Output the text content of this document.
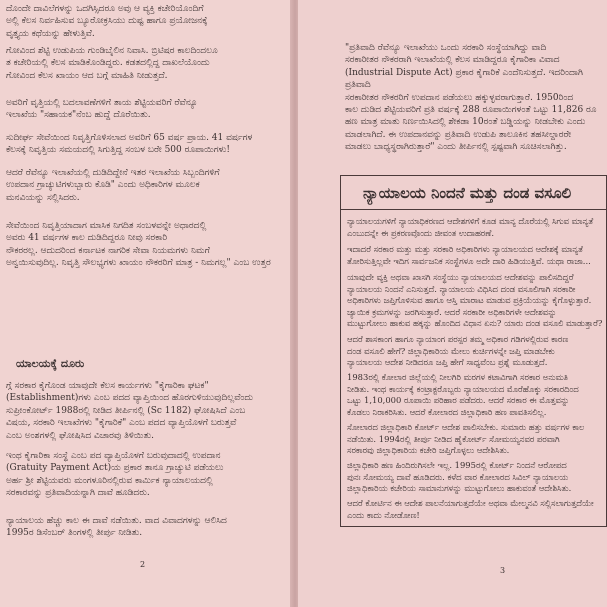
ದೊಂದೇ ದಾವಿಲೆಗಳನ್ನು ಒದಗಿಸ್ಸಿದರೂ ಅವು ಆ ವ್ಯಕ್ತಿ ಕಚೇರಿಯೊಂದಿಗೆ
ಅಲ್ಲಿ ಕೆಲಸ ನಿರ್ವಹಿಸುವ ಬ್ಯೂರೋಕ್ರಸಿಯು ದುಷ್ಟ ಹಾಗೂ ಪ್ರಯೋಜನಕ್ಕೆ
ವೃತ್ತ್ಯಯ ಕಥೆಯನ್ನು ಹೇಳುತ್ತಿವೆ.

ಗೋವಿಂದ ಶೆಟ್ಟಿ ಉಡುಪಿಯ ಗುಂಡಿಬೈಲಿನ ನಿವಾಸಿ. ಬ್ರಿಟಿಷರ ಕಾಲದಿಂದಲೂ
ತ ಕಚೇರಿಯಲ್ಲಿ ಕೆಲಸ ಮಾಡಿಕೊಂಡಿದ್ದರು. ಕಡತದಲ್ಲಿದ್ದ ದಾಖಲೆಯೊಂದು
ಗೋವಿಂದ ಕೆಲಸ ಖಾಯಂ ಆದ ಬಗ್ಗೆ ಮಾಹಿತಿ ನೀಡುತ್ತದೆ.

ಅವರಿಗೆ ವೃತ್ತಿಯಲ್ಲಿ ಬದಲಾವಣೆಗಳಿಗೆ ತಾಯ ಶೆಟ್ಟಿಯವರಿಗೆ ರೆವೆನ್ಯೂ
ಇಲಾಖೆಯ "ಸಹಾಯಕ"ನೆಂಬ ಹುದ್ದೆ ದೊರೆಯಿತು.

ಸುದೀರ್ಘ ಸೇವೆಯಿಂದ ನಿವೃತ್ತಿಗೊಳಿಸಲಾದ ಅವರಿಗೆ 65 ವರ್ಷ ಪ್ರಾಯ. 41 ವರ್ಷಗಳ
ಕೆಲಸಕ್ಕೆ ನಿವೃತ್ತಿಯ ಸಮಯದಲ್ಲಿ ಸಿಗುತ್ತಿದ್ದ ಸಂಬಳ ಬರೇ 500 ರೂಪಾಯಿಗಳು!

ಆದರೆ ರೆವೆನ್ಯೂ ಇಲಾಖೆಯಲ್ಲಿ ದುಡಿದಿದ್ದೇನೆ ಇತರ ಇಲಾಖೆಯ ಸಿಬ್ಬಂದಿಗಳಿಗೆ
ಉಪದಾನ ಗ್ರಾಚ್ಯುಟಿಗಳುಬ್ಬಾರು ಕೊಡಿ" ಎಂದು ಅಧಿಕಾರಿಗಳ ಮೂಲಕ
ಮನವಿಯನ್ನು ಸಲ್ಲಿಸಿದರು.

ಸೇವೆಯಿಂದ ನಿವೃತ್ತಿಯಾದಾಗ ಮಾಸಿಕ ನಿಗದಿತ ಸಂಬಳವನ್ನೇ ಅಧಾರದಲ್ಲಿ
ಅವರು 41 ವರ್ಷಗಳ ಕಾಲ ದುಡಿದಿದ್ದರೂ ನೀವು ಸರಕಾರಿ
ನೌಕರರಲ್ಲ. ಆದುದರಿಂದ ಕರ್ನಾಟಕ ನಾಗರಿಕ ಸೇವಾ ನಿಯಮಗಳು ನಿಮಗೆ
ಅನ್ವಯಿಸುವುದಿಲ್ಲ. ನಿವೃತ್ತಿ ಸೌಲಭ್ಯಗಳು ಖಾಯಂ ನೌಕರರಿಗೆ ಮಾತ್ರ - ನಿಮಗಲ್ಲ" ಎಂಬ ಉತ್ತರ

ಯಾಲಯಕ್ಕೆ ದೂರು

ಗ್ಗೆ ಸರಕಾರ ಕೈಗೊಂಡ ಯಾವುದೇ ಕೆಲಸ ಕಾರ್ಯಗಳು "ಕೈಗಾರಿಕಾ ಘಟಕ"
(Establishment)ಗಳು ಎಂಬ ಪದದ ವ್ಯಾಪ್ತಿಯಿಂದ ಹೊರಗುಳಿಯುವುದಿಲ್ಲವೆಂದು
ಸುಪ್ರೀಂಕೋರ್ಟ್ 1988ರಲ್ಲಿ ನೀಡಿದ ತೀರ್ಪಿನಲ್ಲಿ (Sc 1182) ಘೋಷಿಸಿದೆ ಎಂಬ
ವಿಷಯ, ಸರಕಾರಿ ಇಲಾಖೆಗಳು "ಕೈಗಾರಿಕೆ" ಎಂಬ ಪದದ ವ್ಯಾಪ್ತಿಯೊಳಗೆ ಬರುತ್ತವೆ
ಎಂಬ ಅಂಶಗಳಲ್ಲಿ ಘೋಷಿಸಿದ ವಿಚಾರವು ತಿಳಿಯಿತು.

ಇಂಥ ಕೈಗಾರಿಕಾ ಸಂಸ್ಥೆ ಎಂಬ ಪದ ವ್ಯಾಪ್ತಿಯೊಳಗೆ ಬರುವುದಾದಲ್ಲಿ ಉಪದಾನ
(Gratuity Payment Act)ಯ ಪ್ರಕಾರ ತಾನೂ ಗ್ರಾಚ್ಯುಟಿ ಪಡೆಯಲು
ಅರ್ಹ ಶ್ರೀ ಶೆಟ್ಟಿಯವರು ಮಂಗಳೂರಿನಲ್ಲಿರುವ ಕಾರ್ಮಿಕ ನ್ಯಾಯಾಲಯದಲ್ಲಿ
ಸರಕಾರವನ್ನು ಪ್ರತಿವಾದಿಯನ್ನಾಗಿ ದಾವೆ ಹೂಡಿದರು.

ನ್ಯಾಯಾಲಯ ಹೆಚ್ಚು ಕಾಲ ಈ ದಾವೆ ನಡೆಯಿತು. ವಾದ ವಿವಾದಗಳನ್ನು ಆಲಿಸಿದ
1995ರ ಡಿಸೆಂಬರ್ ತಿಂಗಳಲ್ಲಿ ತೀರ್ಪು ನೀಡಿತು.

2

"ಪ್ರತಿವಾದಿ ರೆವೆನ್ಯೂ ಇಲಾಖೆಯು ಒಂದು ಸರಕಾರಿ ಸಂಸ್ಥೆಯಾಗಿದ್ದು ವಾದಿ
ಸರಕಾರೀತರ ನೌಕರರಾಗಿ ಇಲಾಖೆಯಲ್ಲಿ ಕೆಲಸ ಮಾಡಿದ್ದರೂ ಕೈಗಾರಿಕಾ ವಿವಾದ
(Industrial Dispute Act) ಪ್ರಕಾರ ಕೈಗಾರಿಕೆ ಎಂದೆನಿಸುತ್ತದೆ. ಇದರಿಂದಾಗಿ ಪ್ರತಿವಾದಿ
ಸರಕಾರೀತರ ನೌಕರರಿಗೆ ಉಪದಾನ ಪಡೆಯಲು ಹಕ್ಕುಳ್ಳವರಾಗುತ್ತಾರೆ. 1950ರಿಂದ
ಕಾಲ ದುಡಿದ ಶೆಟ್ಟಿಯವರಿಗೆ ಪ್ರತಿ ವರ್ಷಕ್ಕೆ 288 ರೂಪಾಯಿಗಳಂತೆ ಒಟ್ಟು 11,826 ರೂ
ಹಣ ಮಾತ್ರ ಮಾತು ನಿರ್ಣಯಿಸಿದಲ್ಲಿ ಶೇಕಡಾ 10ರಂತೆ ಬಡ್ಡಿಯನ್ನು ನೀಡಬೇಕು ಎಂದು
ಮಾಡಲಾಗಿದೆ. ಈ ಉಪದಾನವನ್ನು ಪ್ರತಿವಾದಿ ಉಡುಪಿ ತಾಲೂಕಿನ ತಹಸೀಲ್ದಾರರೇ
ಮಾಡಲು ಬಾಧ್ಯಸ್ಥರಾಗಿರುತ್ತಾರೆ" ಎಂದು ತೀರ್ಪಿನಲ್ಲಿ ಸ್ಪಷ್ಟವಾಗಿ ಸೂಚಿಸಲಾಗಿತ್ತು.

ನ್ಯಾಯಾಲಯ ನಿಂದನೆ ಮತ್ತು ದಂಡ ವಸೂಲಿ

ನ್ಯಾಯಾಲಯಗಳಿಗೆ ನ್ಯಾಯಾಧಿಕರಣದ ಆದೇಶಗಳಿಗೆ ಕೂಡ ಮಾನ್ಯ ದೊರೆಯಲ್ಲಿ ಸಿಗುವ ಮಾನ್ಯತೆ
ಎಂಬುದನ್ನೇ ಈ ಪ್ರಕರಣವೊಂದು ಜೀವಂತ ಉದಾಹರಣೆ.

ಇದಾದರೆ ಸರಕಾರ ಮತ್ತು ಮತ್ತು ಸರಕಾರಿ ಅಧಿಕಾರಿಗಳು ನ್ಯಾಯಾಲಯದ ಆದೇಶಕ್ಕೆ ಮಾನ್ಯತೆ
ತೋರಿಸುತ್ತಿಲ್ಲವೇ ಇದಿಗ ಸಾರ್ವಜನಿಕ ಸಂಸ್ಥೆಗಳೂ ಅದೇ ದಾರಿ ಹಿಡಿಯುತ್ತಿವೆ. ಯಥಾ ರಾಜಾ...

ಯಾವುದೇ ವ್ಯಕ್ತಿ ಅಥವಾ ಖಾಸಗಿ ಸಂಸ್ಥೆಯು ನ್ಯಾಯಾಲಯದ ಆದೇಶವನ್ನು ಪಾಲಿಸದಿದ್ದರೆ
ನ್ಯಾಯಾಲಯ ನಿಂದನೆ ಎನಿಸುತ್ತದೆ. ನ್ಯಾಯಾಲಯ ವಿಧಿಸಿದ ದಂಡ ವಸೂಲಿಗಾಗಿ ಸರಕಾರೀ
ಅಧಿಕಾರಿಗಳು ಜಪ್ತಿಗೊಳಿಸುವ ಹಾಗೂ ಆಸ್ತಿ ಮಾರಾಟ ಮಾಡುವ ಪ್ರಕ್ರಿಯೆಯನ್ನು ಕೈಗೊಳ್ಳುತ್ತಾರೆ.
ಜ್ಯಾಯಿಕ ಕ್ರಮಗಳನ್ನು ಜರಗಿಸುತ್ತಾರೆ. ಆದರೆ ಸರಕಾರೀ ಅಧಿಕಾರಿಗಳೇ ಆದೇಶವನ್ನು
ಮುಟ್ಟುಗೋಲು ಹಾಕುವ ಹಕ್ಕನ್ನು ಹೊಂದಿದ ವಿಧಾನ ಏನು? ಯಾರು ದಂಡ ವಸೂಲಿ ಮಾಡುತ್ತಾರೆ?

ಆದರೆ ಶಾಸಕಾಂಗ ಹಾಗೂ ನ್ಯಾಯಾಂಗ ಪರಸ್ಪರ ತಮ್ಮ ಅಧಿಕಾರ ಗಡಿಗಳಲ್ಲಿರುವ ಕಾರಣ
ದಂಡ ವಸೂಲಿ ಹೇಗೆ? ಜಿಲ್ಲಾಧಿಕಾರಿಯ ಮೇಲು ಕುರ್ಚಿಗಳನ್ನೇ ಜಪ್ತಿ ಮಾಡಬೇಕು
ನ್ಯಾಯಾಲಯ ಆದೇಶ ನೀಡಿದರೂ ಜಪ್ತಿ ಹೇಗೆ ಸಾಧ್ಯವೆಂಬ ಪ್ರಶ್ನೆ ಮೂಡುತ್ತದೆ.

1983ರಲ್ಲಿ ಕೋಲಾರ ಜಿಲ್ಲೆಯಲ್ಲಿ ನೀಲಗಿರಿ ಮರಗಳ ಕಟಾವಿಗಾಗಿ ಸರಕಾರ ಅನುಮತಿ
ನೀಡಿತು. ಇಂಥ ಕಾರ್ಯಕ್ಕೆ ಕಂಟ್ರಾಕ್ಟರೊಬ್ಬರು ನ್ಯಾಯಾಲಯದ ಮೊರೆಹೊಕ್ಕು ಸರಕಾರದಿಂದ
ಒಟ್ಟು 1,10,000 ರೂಪಾಯಿ ಪರಿಹಾರ ಪಡೆದರು. ಆದರೆ ಸರಕಾರ ಈ ಮೊತ್ತವನ್ನು
ಕೊಡಲು ನಿರಾಕರಿಸಿತು. ಆದರೆ ಕೋಲಾರದ ಜಿಲ್ಲಾಧಿಕಾರಿ ಹಣ ಪಾವತಿಸಲಿಲ್ಲ.

ಸೋಲಾರದ ಜಿಲ್ಲಾಧಿಕಾರಿ ಕೋರ್ಟ್ ಆದೇಶ ಪಾಲಿಸಬೇಕು. ಸುಮಾರು ಹತ್ತು ವರ್ಷಗಳ ಕಾಲ
ನಡೆಯಿತು. 1994ರಲ್ಲಿ ತೀರ್ಪು ನೀಡಿದ ಹೈಕೋರ್ಟ್ ಸೋಮಯ್ಯನವರ ಪರವಾಗಿ
ಸರಕಾರವು ಜಿಲ್ಲಾಧಿಕಾರಿಯ ಕಚೇರಿ ಜಪ್ತಿಗೊಳ್ಳಲು ಆದೇಶಿಸಿತು.

ಜಿಲ್ಲಾಧಿಕಾರಿ ಹಣ ಹಿಂದಿರುಗಿಸಲೇ ಇಲ್ಲ. 1995ರಲ್ಲಿ ಕೋರ್ಟ್ ನಿಂದನೆ ಆರೋಪದ
ಪುನಃ ಸೋಮಯ್ಯ ದಾವೆ ಹೂಡಿದರು. ಕಳೆದ ವಾರ ಕೋಲಾರದ ಸಿವಿಲ್ ನ್ಯಾಯಾಲಯ
ಜಿಲ್ಲಾಧಿಕಾರಿಯ ಕಚೇರಿಯ ಸಾಮಾನುಗಳನ್ನು ಮುಟ್ಟುಗೋಲು ಹಾಕುವಂತೆ ಆದೇಶಿಸಿತು.

ಆದರೆ ಕೋರ್ಟಿನ ಈ ಆದೇಶ ಪಾಲನೆಯಾಗುತ್ತದೆಯೇ ಅಥವಾ ಮೇಲ್ಮನವಿ ಸಲ್ಲಿಸಲಾಗುತ್ತದೆಯೇ
ಎಂದು ಕಾದು ನೋಡೋಣ!

3
